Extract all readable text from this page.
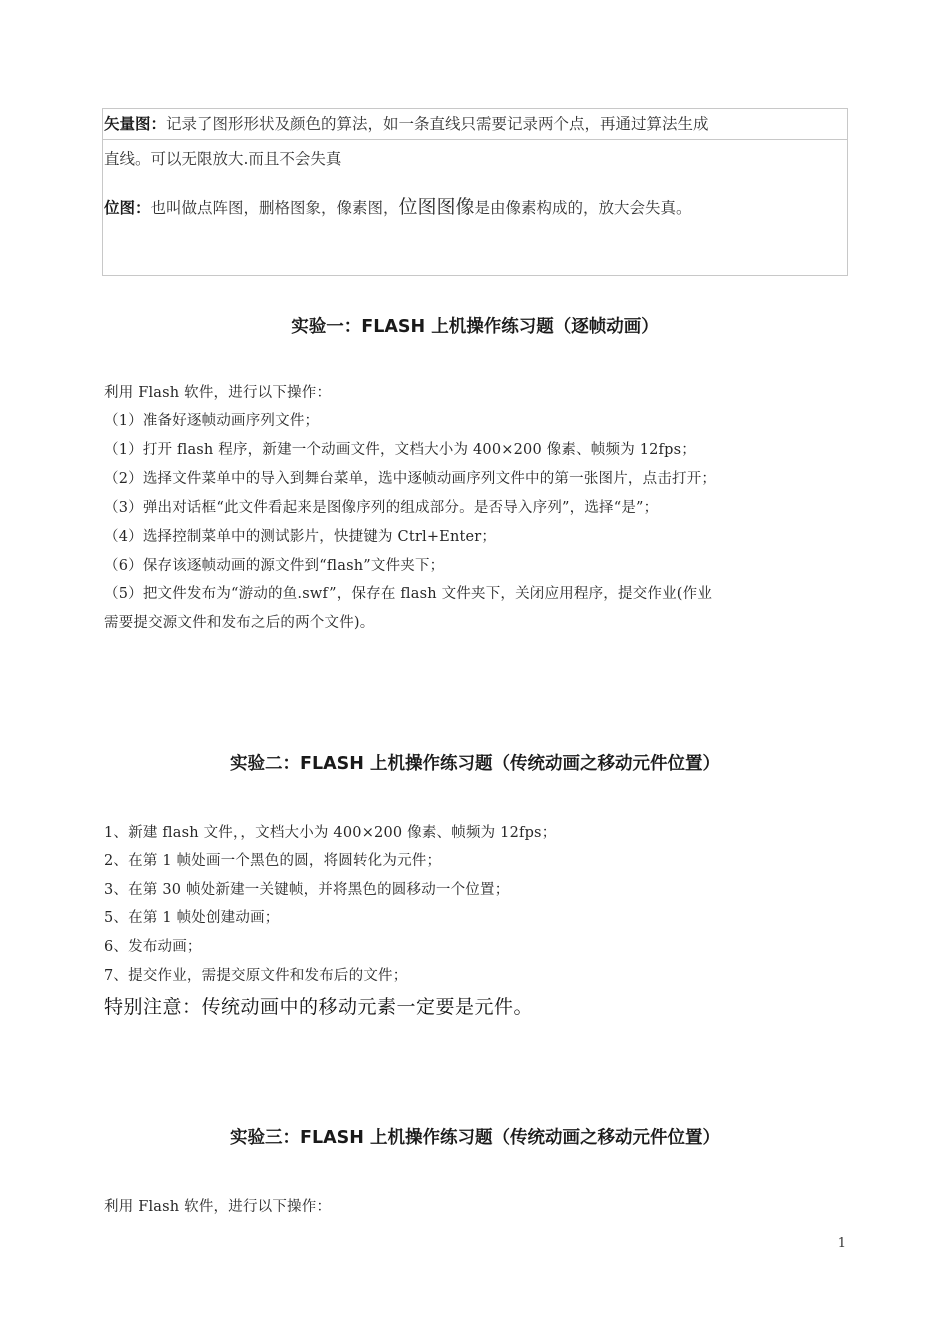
矢量图：记录了图形形状及颜色的算法，如一条直线只需要记录两个点，再通过算法生成
直线。可以无限放大.而且不会失真
位图：也叫做点阵图，删格图象，像素图，位图图像是由像素构成的，放大会失真。
实验一：FLASH 上机操作练习题（逐帧动画）
利用 Flash 软件，进行以下操作：
（1）准备好逐帧动画序列文件；
（1）打开 flash 程序，新建一个动画文件，文档大小为 400×200 像素、帧频为 12fps；
（2）选择文件菜单中的导入到舞台菜单，选中逐帧动画序列文件中的第一张图片，点击打开；
（3）弹出对话框“此文件看起来是图像序列的组成部分。是否导入序列”，选择“是”；
（4）选择控制菜单中的测试影片，快捷键为 Ctrl+Enter；
（6）保存该逐帧动画的源文件到“flash”文件夹下；
（5）把文件发布为“游动的鱼.swf”，保存在 flash 文件夹下，关闭应用程序，提交作业(作业
需要提交源文件和发布之后的两个文件)。
实验二：FLASH 上机操作练习题（传统动画之移动元件位置）
1、新建 flash 文件，，文档大小为 400×200 像素、帧频为 12fps；
2、在第 1 帧处画一个黑色的圆，将圆转化为元件；
3、在第 30 帧处新建一关键帧，并将黑色的圆移动一个位置；
5、在第 1 帧处创建动画；
6、发布动画；
7、提交作业，需提交原文件和发布后的文件；
特别注意：传统动画中的移动元素一定要是元件。
实验三：FLASH 上机操作练习题（传统动画之移动元件位置）
利用 Flash 软件，进行以下操作：
1
